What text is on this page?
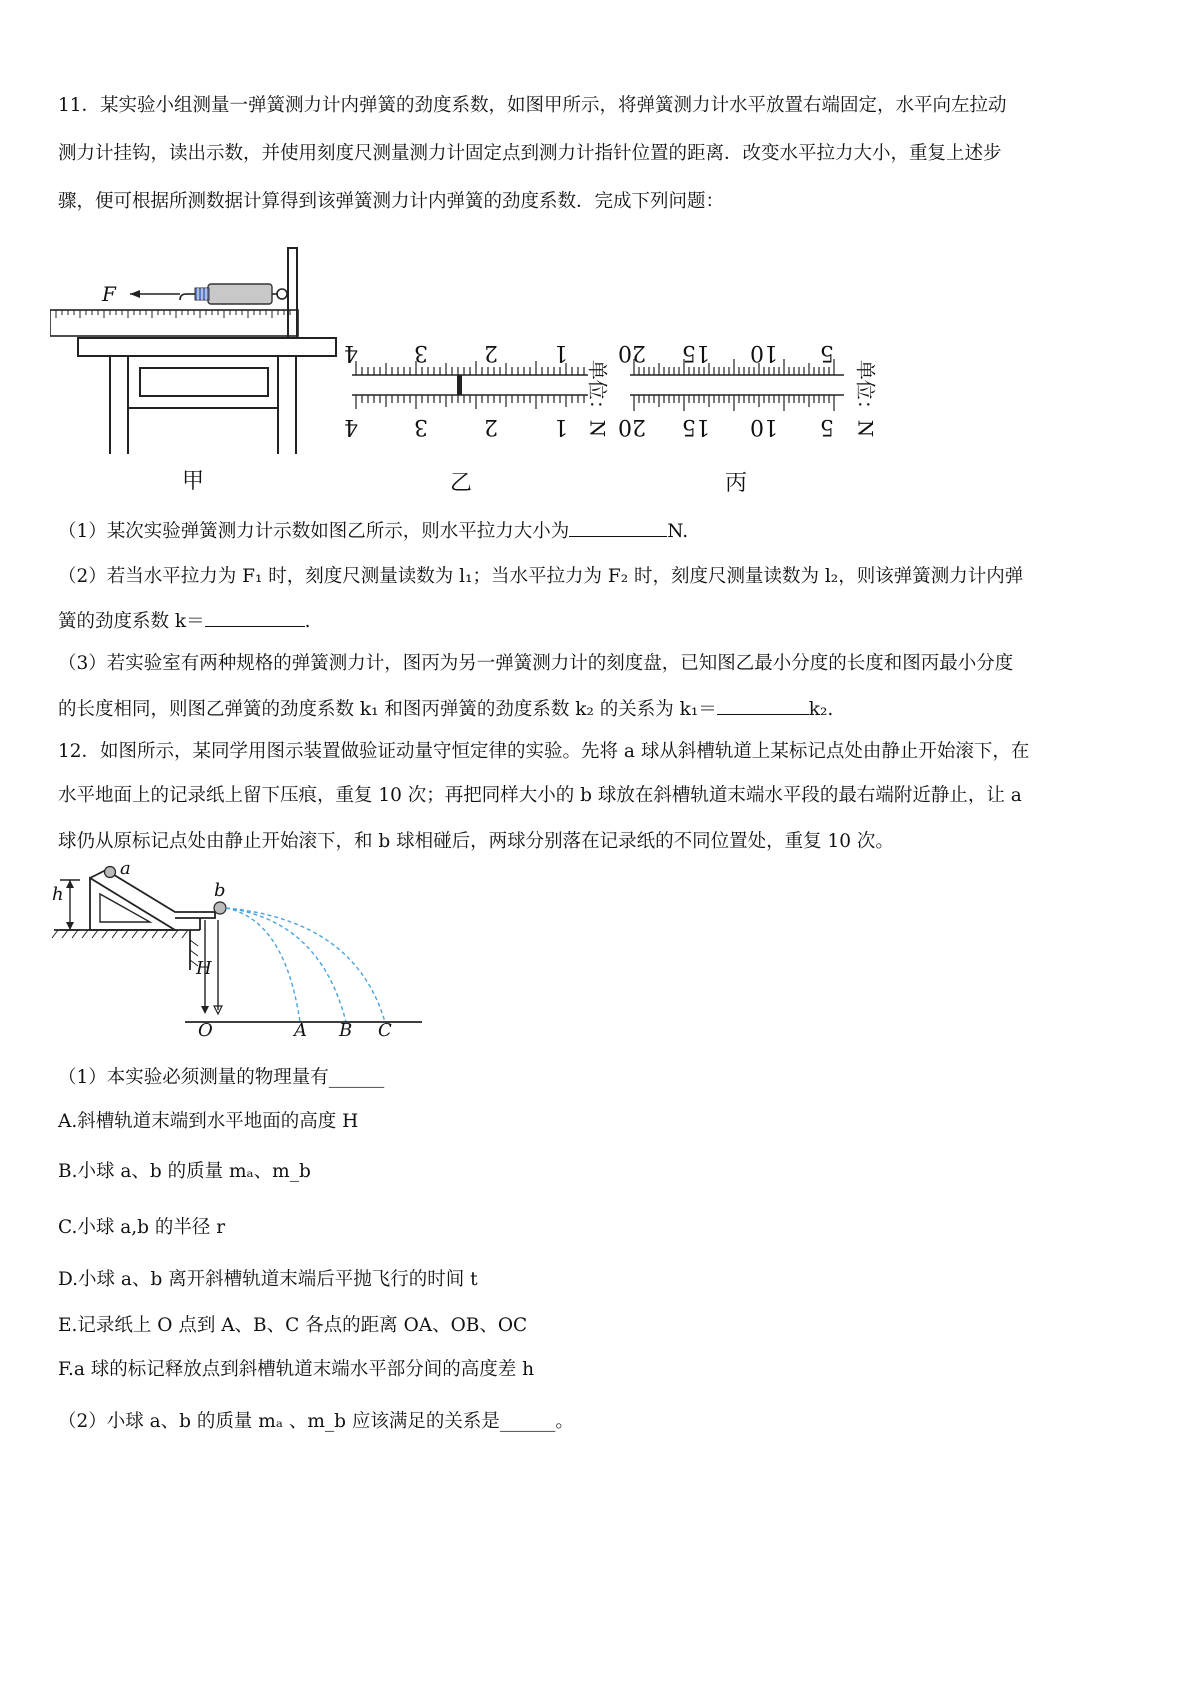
11．某实验小组测量一弹簧测力计内弹簧的劲度系数，如图甲所示，将弹簧测力计水平放置右端固定，水平向左拉动
测力计挂钩，读出示数，并使用刻度尺测量测力计固定点到测力计指针位置的距离．改变水平拉力大小，重复上述步
骤，便可根据所测数据计算得到该弹簧测力计内弹簧的劲度系数．完成下列问题：
F
甲
4	3	2	1
4	3	2	1 单位：N
乙
20 15 10 5
20 15 10 5 单位：N
丙
（1）某次实验弹簧测力计示数如图乙所示，则水平拉力大小为	N.
（2）若当水平拉力为 F₁ 时，刻度尺测量读数为 l₁；当水平拉力为 F₂ 时，刻度尺测量读数为 l₂，则该弹簧测力计内弹
簧的劲度系数 k＝	.
（3）若实验室有两种规格的弹簧测力计，图丙为另一弹簧测力计的刻度盘，已知图乙最小分度的长度和图丙最小分度
的长度相同，则图乙弹簧的劲度系数 k₁ 和图丙弹簧的劲度系数 k₂ 的关系为 k₁＝	k₂.
12．如图所示，某同学用图示装置做验证动量守恒定律的实验。先将 a 球从斜槽轨道上某标记点处由静止开始滚下，在
水平地面上的记录纸上留下压痕，重复 10 次；再把同样大小的 b 球放在斜槽轨道末端水平段的最右端附近静止，让 a
球仍从原标记点处由静止开始滚下，和 b 球相碰后，两球分别落在记录纸的不同位置处，重复 10 次。
a
b
h
H
O	A B C
（1）本实验必须测量的物理量有______
A.斜槽轨道末端到水平地面的高度 H
B.小球 a、b 的质量 mₐ、m_b
C.小球 a,b 的半径 r
D.小球 a、b 离开斜槽轨道末端后平抛飞行的时间 t
E.记录纸上 O 点到 A、B、C 各点的距离 OA、OB、OC
F.a 球的标记释放点到斜槽轨道末端水平部分间的高度差 h
（2）小球 a、b 的质量 mₐ 、m_b 应该满足的关系是______。
